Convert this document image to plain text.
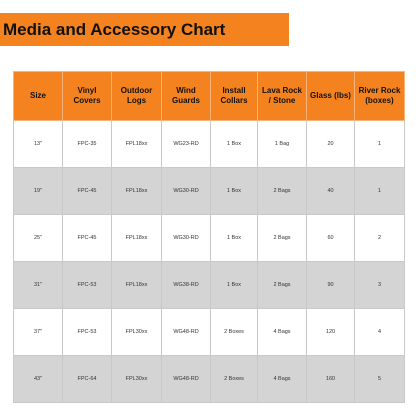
Media and Accessory Chart
Size	Vinyl Covers	Outdoor Logs	Wind Guards	Install Collars	Lava Rock / Stone	Glass (lbs)	River Rock (boxes)
13"	FPC-35	FPL18xx	WG23-RD	1 Box	1 Bag	20	1
19"	FPC-45	FPL18xx	WG30-RD	1 Box	2 Bags	40	1
25"	FPC-45	FPL18xx	WG30-RD	1 Box	2 Bags	60	2
31"	FPC-53	FPL18xx	WG38-RD	1 Box	2 Bags	90	3
37"	FPC-53	FPL30xx	WG48-RD	2 Boxes	4 Bags	120	4
43"	FPC-64	FPL30xx	WG48-RD	2 Boxes	4 Bags	160	5
